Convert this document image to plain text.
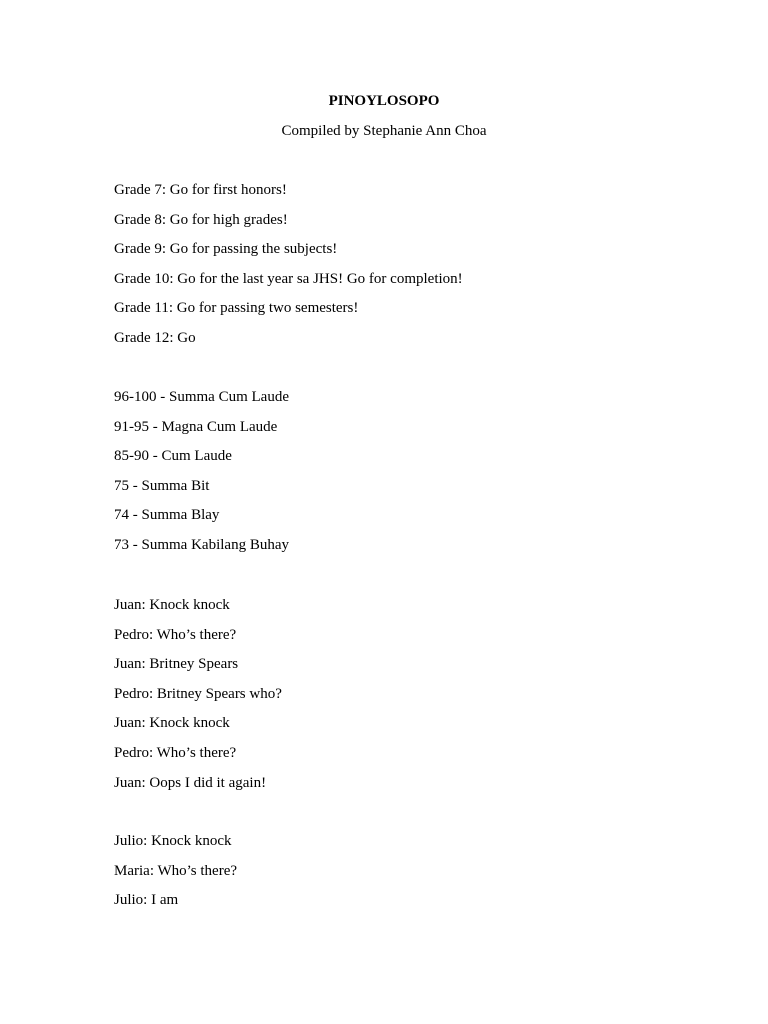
PINOYLOSOPO
Compiled by Stephanie Ann Choa
Grade 7: Go for first honors!
Grade 8: Go for high grades!
Grade 9: Go for passing the subjects!
Grade 10: Go for the last year sa JHS! Go for completion!
Grade 11: Go for passing two semesters!
Grade 12: Go
96-100 - Summa Cum Laude
91-95 - Magna Cum Laude
85-90 - Cum Laude
75 - Summa Bit
74 - Summa Blay
73 - Summa Kabilang Buhay
Juan: Knock knock
Pedro: Who’s there?
Juan: Britney Spears
Pedro: Britney Spears who?
Juan: Knock knock
Pedro: Who’s there?
Juan: Oops I did it again!
Julio: Knock knock
Maria: Who’s there?
Julio: I am
